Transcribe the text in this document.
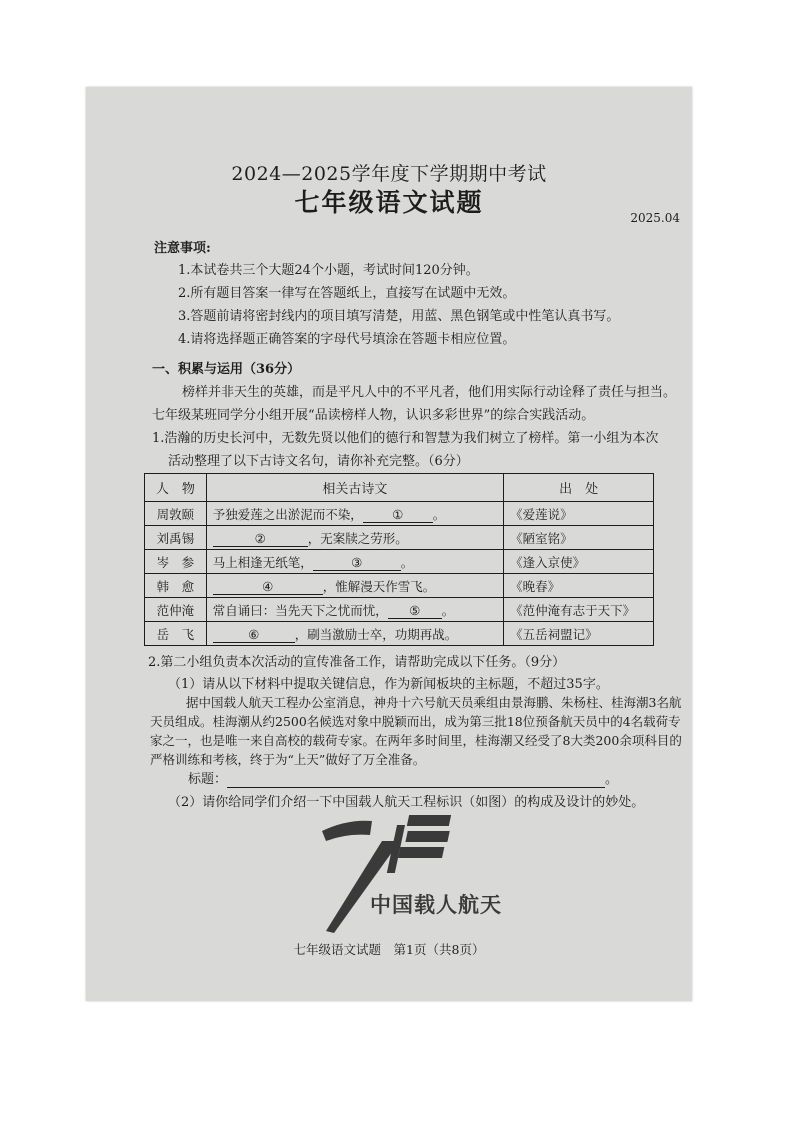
2024—2025学年度下学期期中考试
七年级语文试题
2025.04
注意事项:
1.本试卷共三个大题24个小题，考试时间120分钟。
2.所有题目答案一律写在答题纸上，直接写在试题中无效。
3.答题前请将密封线内的项目填写清楚，用蓝、黑色钢笔或中性笔认真书写。
4.请将选择题正确答案的字母代号填涂在答题卡相应位置。
一、积累与运用（36分）
榜样并非天生的英雄，而是平凡人中的不平凡者，他们用实际行动诠释了责任与担当。
七年级某班同学分小组开展“品读榜样人物，认识多彩世界”的综合实践活动。
1.浩瀚的历史长河中，无数先贤以他们的德行和智慧为我们树立了榜样。第一小组为本次
活动整理了以下古诗文名句，请你补充完整。（6分）
人　物	相关古诗文	出　处
周敦颐	予独爱莲之出淤泥而不染， ① 。	《爱莲说》
刘禹锡	② ，无案牍之劳形。	《陋室铭》
岑　参	马上相逢无纸笔， ③ 。	《逢入京使》
韩　愈	④ ，惟解漫天作雪飞。	《晚春》
范仲淹	常自诵曰：当先天下之忧而忧， ⑤ 。	《范仲淹有志于天下》
岳　飞	⑥ ，刷当激励士卒，功期再战。	《五岳祠盟记》
2.第二小组负责本次活动的宣传准备工作，请帮助完成以下任务。（9分）
（1）请从以下材料中提取关键信息，作为新闻板块的主标题，不超过35字。
据中国载人航天工程办公室消息，神舟十六号航天员乘组由景海鹏、朱杨柱、桂海潮3名航天员组成。桂海潮从约2500名候选对象中脱颖而出，成为第三批18位预备航天员中的4名载荷专家之一，也是唯一来自高校的载荷专家。在两年多时间里，桂海潮又经受了8大类200余项科目的严格训练和考核，终于为“上天”做好了万全准备。
标题：	。
（2）请你给同学们介绍一下中国载人航天工程标识（如图）的构成及设计的妙处。
中国载人航天
七年级语文试题　第1页（共8页）
